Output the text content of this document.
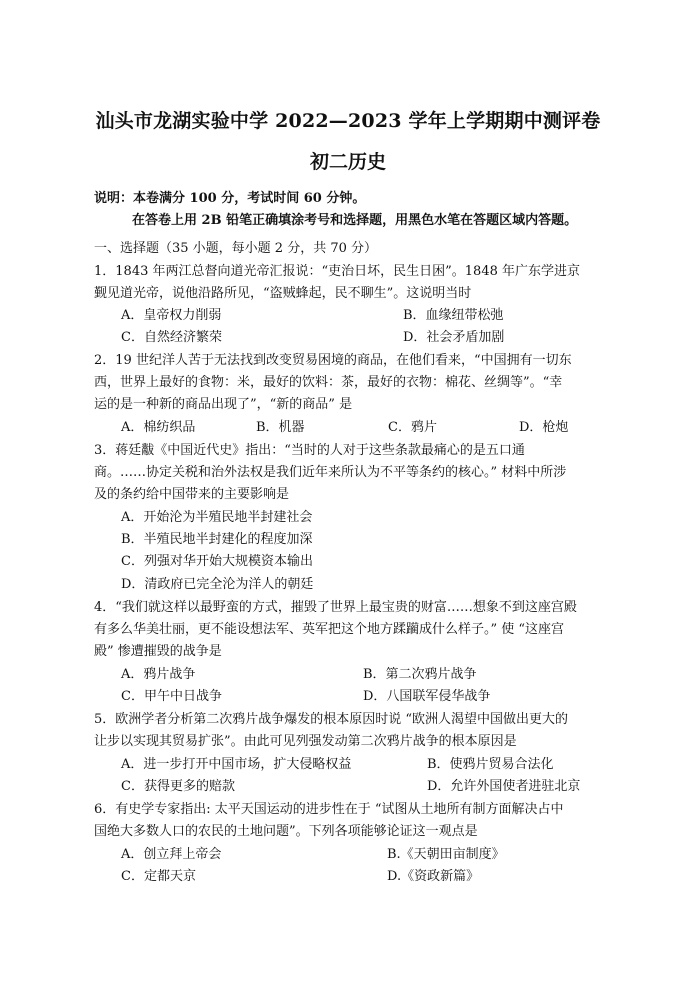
汕头市龙湖实验中学 2022—2023 学年上学期期中测评卷
初二历史
说明：本卷满分 100 分，考试时间 60 分钟。
在答卷上用 2B 铅笔正确填涂考号和选择题，用黑色水笔在答题区域内答题。
一、选择题（35 小题，每小题 2 分，共 70 分）
1．1843 年两江总督向道光帝汇报说：“吏治日坏，民生日困”。1848 年广东学进京
觐见道光帝，说他沿路所见，“盗贼蜂起，民不聊生”。这说明当时
A．皇帝权力削弱	B．血缘纽带松弛
C．自然经济繁荣	D．社会矛盾加剧
2．19 世纪洋人苦于无法找到改变贸易困境的商品，在他们看来，“中国拥有一切东
西，世界上最好的食物：米，最好的饮料：茶，最好的衣物：棉花、丝绸等”。“幸
运的是一种新的商品出现了”，“新的商品” 是
A．棉纺织品	B．机器	C．鸦片	D．枪炮
3．蒋廷黻《中国近代史》指出：“当时的人对于这些条款最痛心的是五口通
商。……协定关税和治外法权是我们近年来所认为不平等条约的核心。” 材料中所涉
及的条约给中国带来的主要影响是
A．开始沦为半殖民地半封建社会
B．半殖民地半封建化的程度加深
C．列强对华开始大规模资本输出
D．清政府已完全沦为洋人的朝廷
4．“我们就这样以最野蛮的方式，摧毁了世界上最宝贵的财富……想象不到这座宫殿
有多么华美壮丽，更不能设想法军、英军把这个地方蹂躏成什么样子。” 使 “这座宫
殿” 惨遭摧毁的战争是
A．鸦片战争	B．第二次鸦片战争
C．甲午中日战争	D．八国联军侵华战争
5．欧洲学者分析第二次鸦片战争爆发的根本原因时说 “欧洲人渴望中国做出更大的
让步以实现其贸易扩张”。由此可见列强发动第二次鸦片战争的根本原因是
A．进一步打开中国市场，扩大侵略权益	B．使鸦片贸易合法化
C．获得更多的赔款	D．允许外国使者进驻北京
6．有史学专家指出: 太平天国运动的进步性在于 “试图从土地所有制方面解决占中
国绝大多数人口的农民的土地问题”。下列各项能够论证这一观点是
A．创立拜上帝会	B.《天朝田亩制度》
C．定都天京	D.《资政新篇》
